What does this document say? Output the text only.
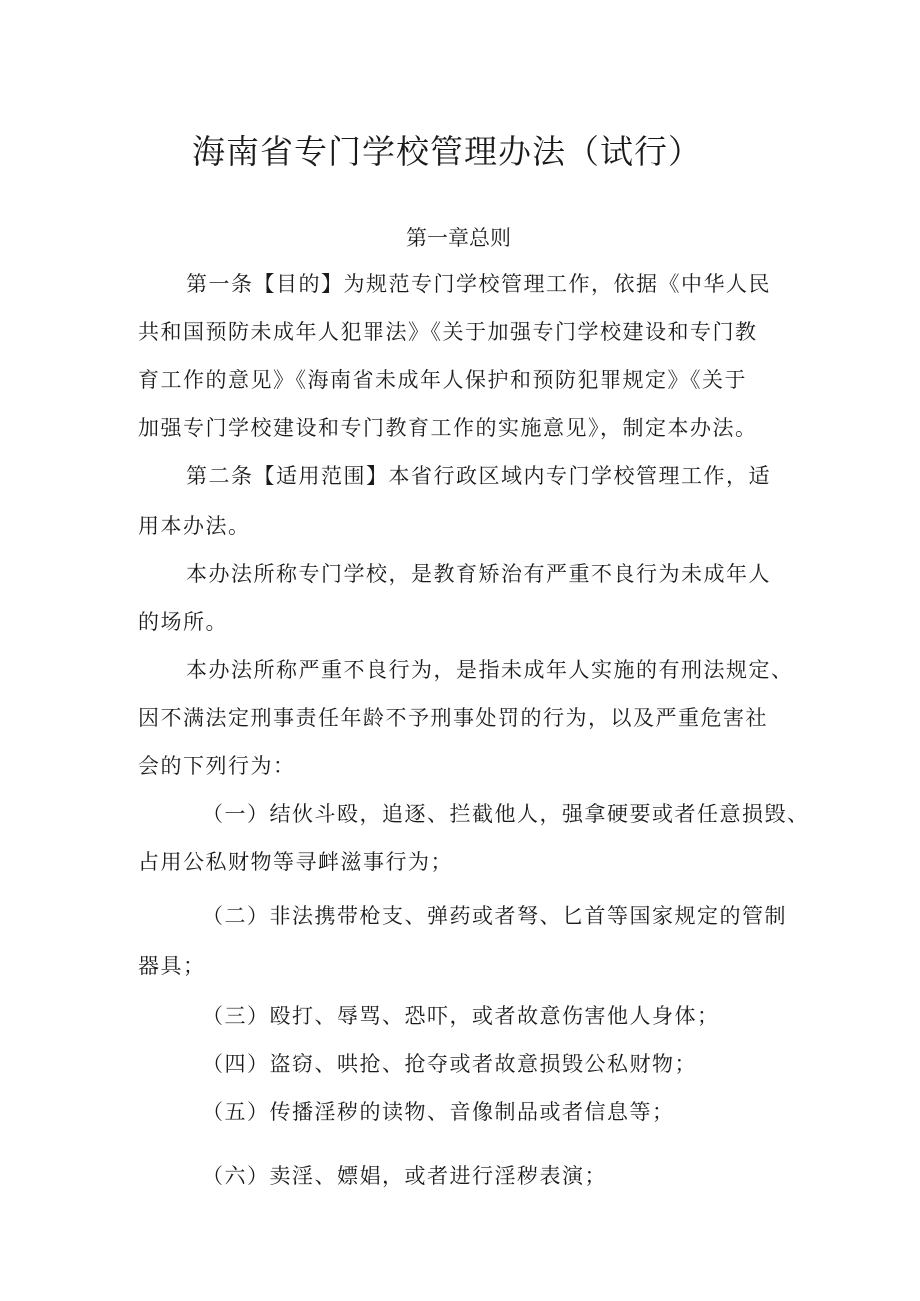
海南省专门学校管理办法（试行）
第一章总则
第一条【目的】为规范专门学校管理工作，依据《中华人民
共和国预防未成年人犯罪法》《关于加强专门学校建设和专门教
育工作的意见》《海南省未成年人保护和预防犯罪规定》《关于
加强专门学校建设和专门教育工作的实施意见》，制定本办法。
第二条【适用范围】本省行政区域内专门学校管理工作，适
用本办法。
本办法所称专门学校，是教育矫治有严重不良行为未成年人
的场所。
本办法所称严重不良行为，是指未成年人实施的有刑法规定、
因不满法定刑事责任年龄不予刑事处罚的行为，以及严重危害社
会的下列行为：
（一）结伙斗殴，追逐、拦截他人，强拿硬要或者任意损毁、
占用公私财物等寻衅滋事行为；
（二）非法携带枪支、弹药或者弩、匕首等国家规定的管制
器具；
（三）殴打、辱骂、恐吓，或者故意伤害他人身体；
（四）盗窃、哄抢、抢夺或者故意损毁公私财物；
（五）传播淫秽的读物、音像制品或者信息等；
（六）卖淫、嫖娼，或者进行淫秽表演；
